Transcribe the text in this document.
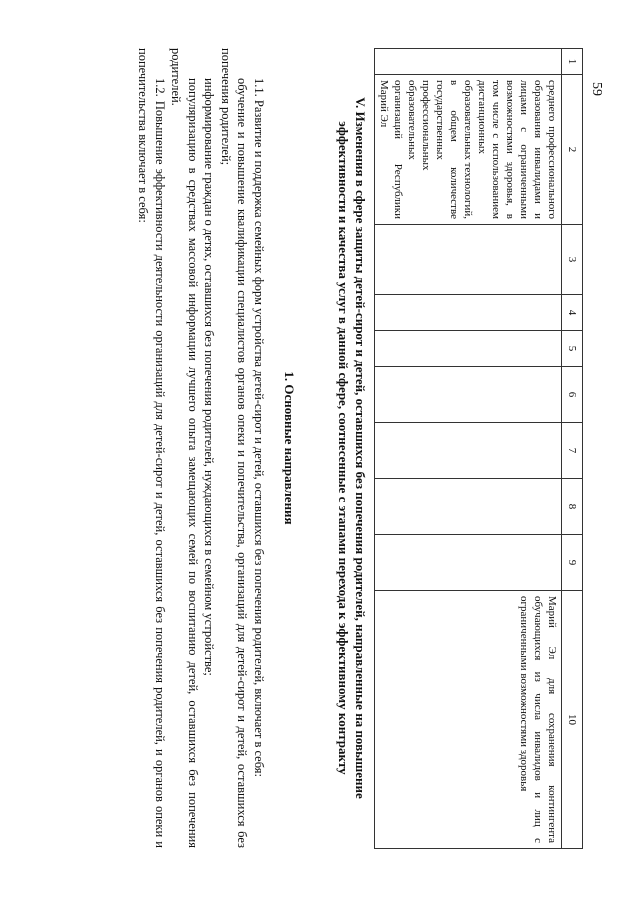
59
1	2	3	4	5	6	7	8	9	10
	среднего профессионального образования инвалидами и лицами с ограниченными возможностями здоровья, в том числе с использованием дистанционных образовательных технологий, в общем количестве государственных профессиональных образовательных организаций Республики Марий Эл								Марий Эл для сохранения контингента обучающихся из числа инвалидов и лиц с ограниченными возможностями здоровья
V. Изменения в сфере защиты детей-сирот и детей, оставшихся без попечения родителей, направленные на повышение эффективности и качества услуг в данной сфере, соотнесенные с этапами перехода к эффективному контракту
1. Основные направления

1.1. Развитие и поддержка семейных форм устройства детей-сирот и детей, оставшихся без попечения родителей, включает в себя:

обучение и повышение квалификации специалистов органов опеки и попечительства, организаций для детей-сирот и детей, оставшихся без попечения родителей;

информирование граждан о детях, оставшихся без попечения родителей, нуждающихся в семейном устройстве;

популяризацию в средствах массовой информации лучшего опыта замещающих семей по воспитанию детей, оставшихся без попечения родителей.

1.2. Повышение эффективности деятельности организаций для детей-сирот и детей, оставшихся без попечения родителей, и органов опеки и попечительства включает в себя:
